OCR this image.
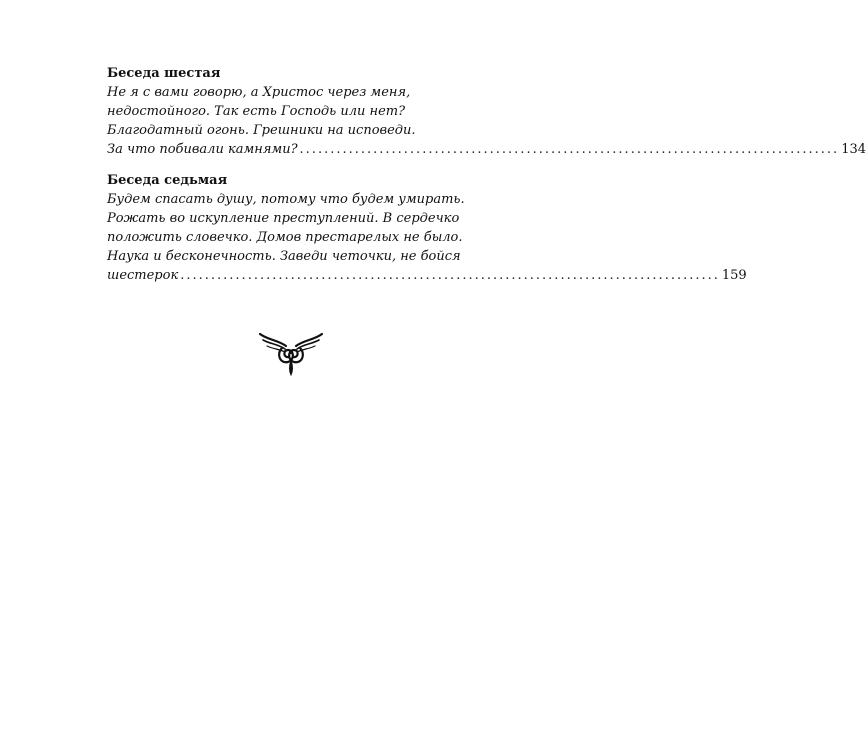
Беседа шестая

Не я с вами говорю, а Христос через меня,

недостойного. Так есть Господь или нет?

Благодатный огонь. Грешники на исповеди.

За что побивали камнями? ........................................................................................ 134

Беседа седьмая

Будем спасать душу, потому что будем умирать.

Рожать во искупление преступлений. В сердечко

положить словечко. Домов престарелых не было.

Наука и бесконечность. Заведи четочки, не бойся

шестерок ........................................................................................ 159
